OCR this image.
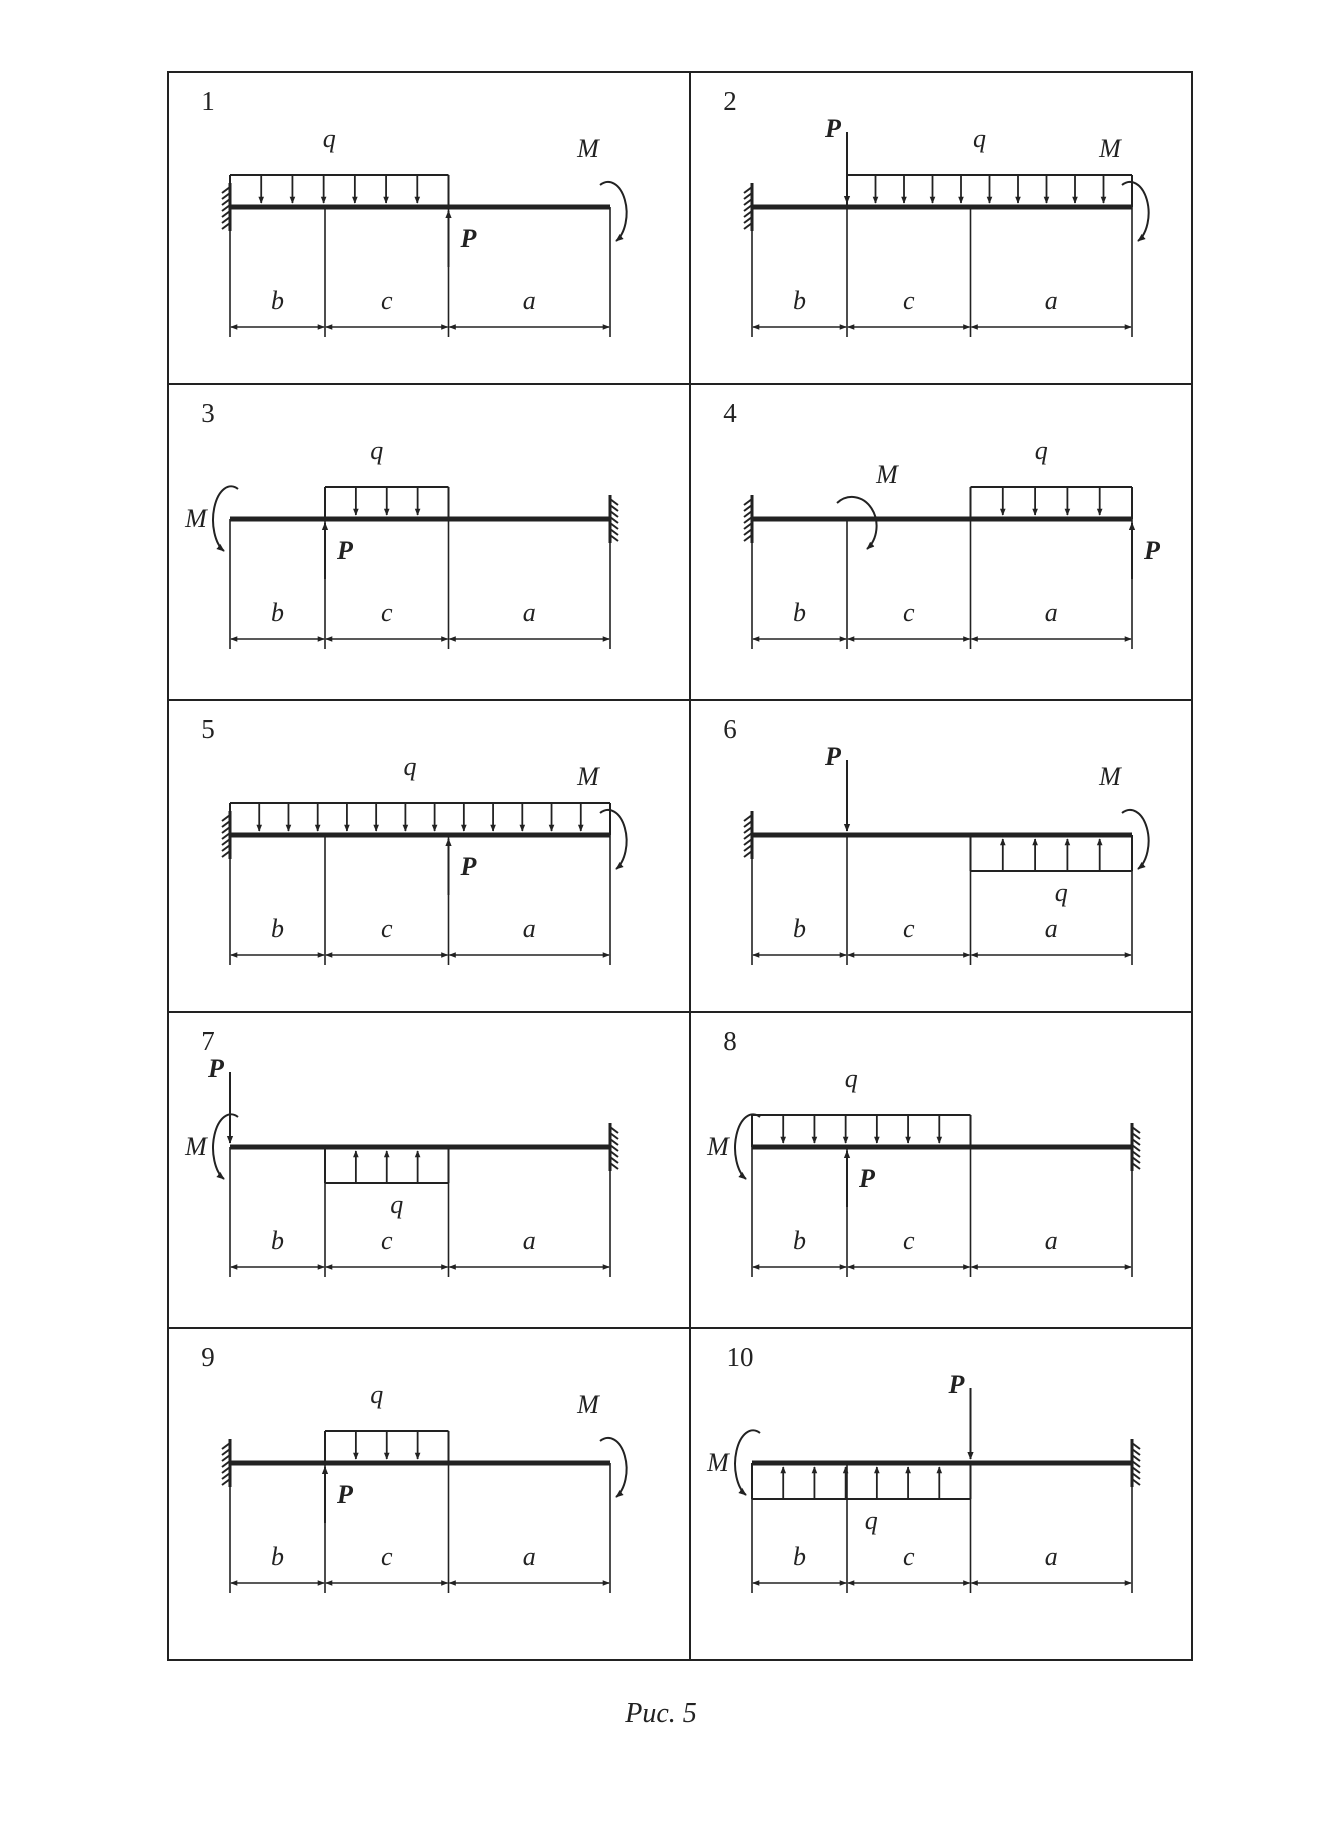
1
b	c	a
q
P
M
2
b	c	a
q
P
M
3
b	c	a
q
P
M
4
b	c	a
q
P
M
5
b	c	a
q
P
M
6
b	c	a
q
P
M
7
b	c	a
q
P
M
8
b	c	a
q
P
M
9
b	c	a
q
P
M
10
b	c	a
q
P
M
Рис. 5
